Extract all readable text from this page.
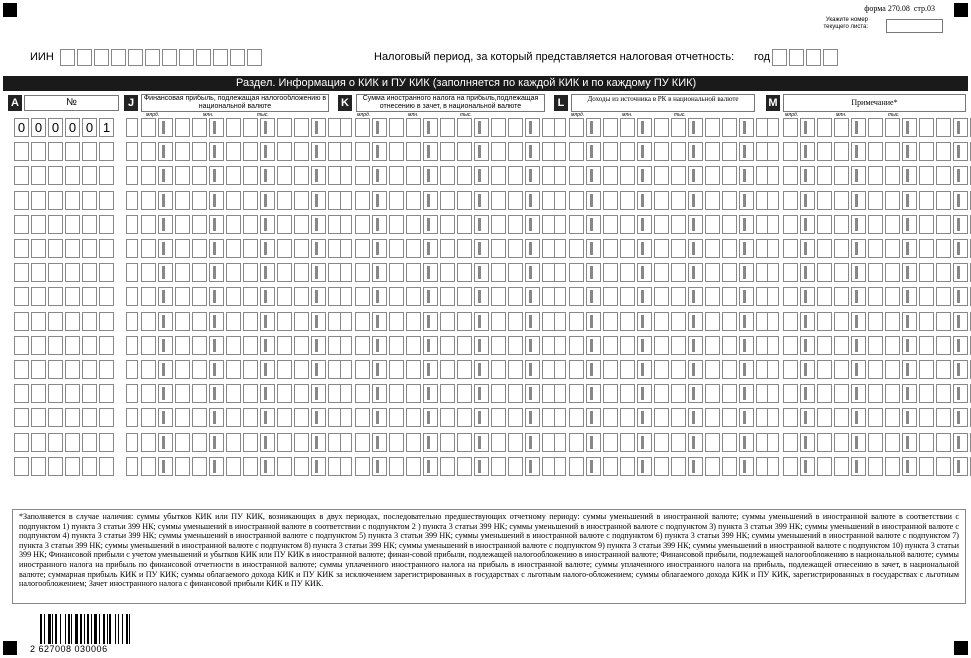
форма 270.08 стр.03
Укажите номер
текущего листа:
ИИН	Налоговый период, за который представляется налоговая отчетность: год
Раздел. Информация о КИК и ПУ КИК (заполняется по каждой КИК и по каждому ПУ КИК)
A	№	J	Финансовая прибыль, подлежащая налогообложению в национальной валюте	K	Сумма иностранного налога на прибыль,подлежащая отнесению в зачет, в национальной валюте	L	Доходы из источника в РК в национальной валюте	M	Примечание*
млрд.	млн.	тыс.	млрд.	млн.	тыс.	млрд.	млн.	тыс.	млрд.	млн.	тыс.
0 0 0 0 0 1
*Заполняется в случае наличия: суммы убытков КИК или ПУ КИК, возникающих в двух периодах, последовательно предшествующих отчетному периоду: суммы уменьшений в иностранной валюте; суммы уменьшений в иностранной валюте в соответствии с подпунктом 1) пункта 3 статьи 399 НК; суммы уменьшений в иностранной валюте в соответствии с подпунктом 2 ) пункта 3 статьи 399 НК; суммы уменьшений в иностранной валюте с подпунктом 3) пункта 3 статьи 399 НК; суммы уменьшений в иностранной валюте с подпунктом 4) пункта 3 статьи 399 НК; суммы уменьшений в иностранной валюте с подпунктом 5) пункта 3 статьи 399 НК; суммы уменьшений в иностранной валюте с подпунктом 6) пункта 3 статьи 399 НК; суммы уменьшений в иностранной валюте с подпунктом 7) пункта 3 статьи 399 НК; суммы уменьшений в иностранной валюте с подпунктом 8) пункта 3 статьи 399 НК; суммы уменьшений в иностранной валюте с подпунктом 9) пункта 3 статьи 399 НК; суммы уменьшений в иностранной валюте с подпунктом 10) пункта 3 статьи 399 НК; Финансовой прибыли с учетом уменьшений и убытков КИК или ПУ КИК в иностранной валюте; финан-совой прибыли, подлежащей налогообложению в иностранной валюте; Финансовой прибыли, подлежащей налогообложению в национальной валюте; суммы иностранного налога на прибыль по финансовой отчетности в иностранной валюте; суммы уплаченного иностранного налога на прибыль в иностранной валюте; суммы уплаченного иностранного налога на прибыль, подлежащей отнесению в зачет, в национальной валюте; суммарная прибыль КИК и ПУ КИК; суммы облагаемого дохода КИК и ПУ КИК за исключением зарегистрированных в государствах с льготным налого-обложением; суммы облагаемого дохода КИК и ПУ КИК, зарегистрированных в государствах с льготным налогообложением; Зачет иностранного налога с финансовой прибыли КИК и ПУ КИК.
2 627008 030006
